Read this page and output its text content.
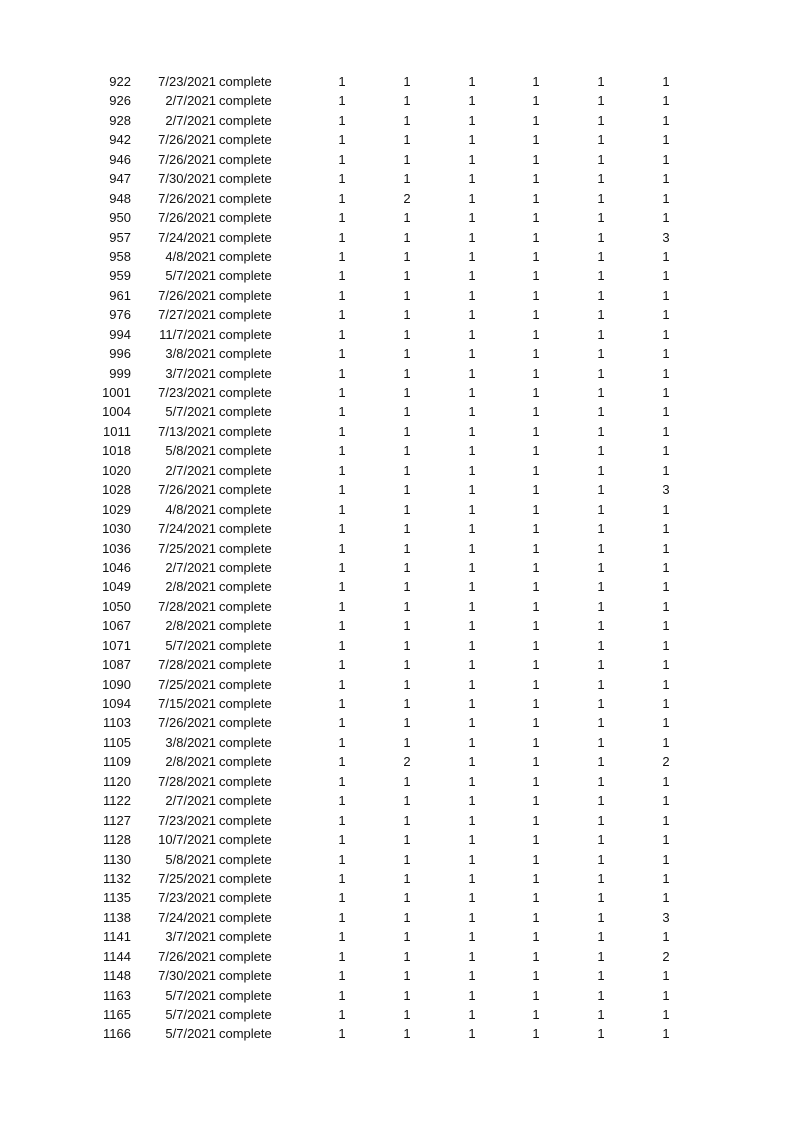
922 7/23/2021 complete	1	1	1	1	1	1
926	2/7/2021 complete	1	1	1	1	1	1
928	2/7/2021 complete	1	1	1	1	1	1
942 7/26/2021 complete	1	1	1	1	1	1
946 7/26/2021 complete	1	1	1	1	1	1
947 7/30/2021 complete	1	1	1	1	1	1
948 7/26/2021 complete	1	2	1	1	1	1
950 7/26/2021 complete	1	1	1	1	1	1
957 7/24/2021 complete	1	1	1	1	1	3
958	4/8/2021 complete	1	1	1	1	1	1
959	5/7/2021 complete	1	1	1	1	1	1
961 7/26/2021 complete	1	1	1	1	1	1
976 7/27/2021 complete	1	1	1	1	1	1
994 11/7/2021 complete	1	1	1	1	1	1
996	3/8/2021 complete	1	1	1	1	1	1
999	3/7/2021 complete	1	1	1	1	1	1
1001 7/23/2021 complete	1	1	1	1	1	1
1004	5/7/2021 complete	1	1	1	1	1	1
1011 7/13/2021 complete	1	1	1	1	1	1
1018	5/8/2021 complete	1	1	1	1	1	1
1020	2/7/2021 complete	1	1	1	1	1	1
1028 7/26/2021 complete	1	1	1	1	1	3
1029	4/8/2021 complete	1	1	1	1	1	1
1030 7/24/2021 complete	1	1	1	1	1	1
1036 7/25/2021 complete	1	1	1	1	1	1
1046	2/7/2021 complete	1	1	1	1	1	1
1049	2/8/2021 complete	1	1	1	1	1	1
1050 7/28/2021 complete	1	1	1	1	1	1
1067	2/8/2021 complete	1	1	1	1	1	1
1071	5/7/2021 complete	1	1	1	1	1	1
1087 7/28/2021 complete	1	1	1	1	1	1
1090 7/25/2021 complete	1	1	1	1	1	1
1094 7/15/2021 complete	1	1	1	1	1	1
1103 7/26/2021 complete	1	1	1	1	1	1
1105	3/8/2021 complete	1	1	1	1	1	1
1109	2/8/2021 complete	1	2	1	1	1	2
1120 7/28/2021 complete	1	1	1	1	1	1
1122	2/7/2021 complete	1	1	1	1	1	1
1127 7/23/2021 complete	1	1	1	1	1	1
1128 10/7/2021 complete	1	1	1	1	1	1
1130	5/8/2021 complete	1	1	1	1	1	1
1132 7/25/2021 complete	1	1	1	1	1	1
1135 7/23/2021 complete	1	1	1	1	1	1
1138 7/24/2021 complete	1	1	1	1	1	3
1141	3/7/2021 complete	1	1	1	1	1	1
1144 7/26/2021 complete	1	1	1	1	1	2
1148 7/30/2021 complete	1	1	1	1	1	1
1163	5/7/2021 complete	1	1	1	1	1	1
1165	5/7/2021 complete	1	1	1	1	1	1
1166	5/7/2021 complete	1	1	1	1	1	1
